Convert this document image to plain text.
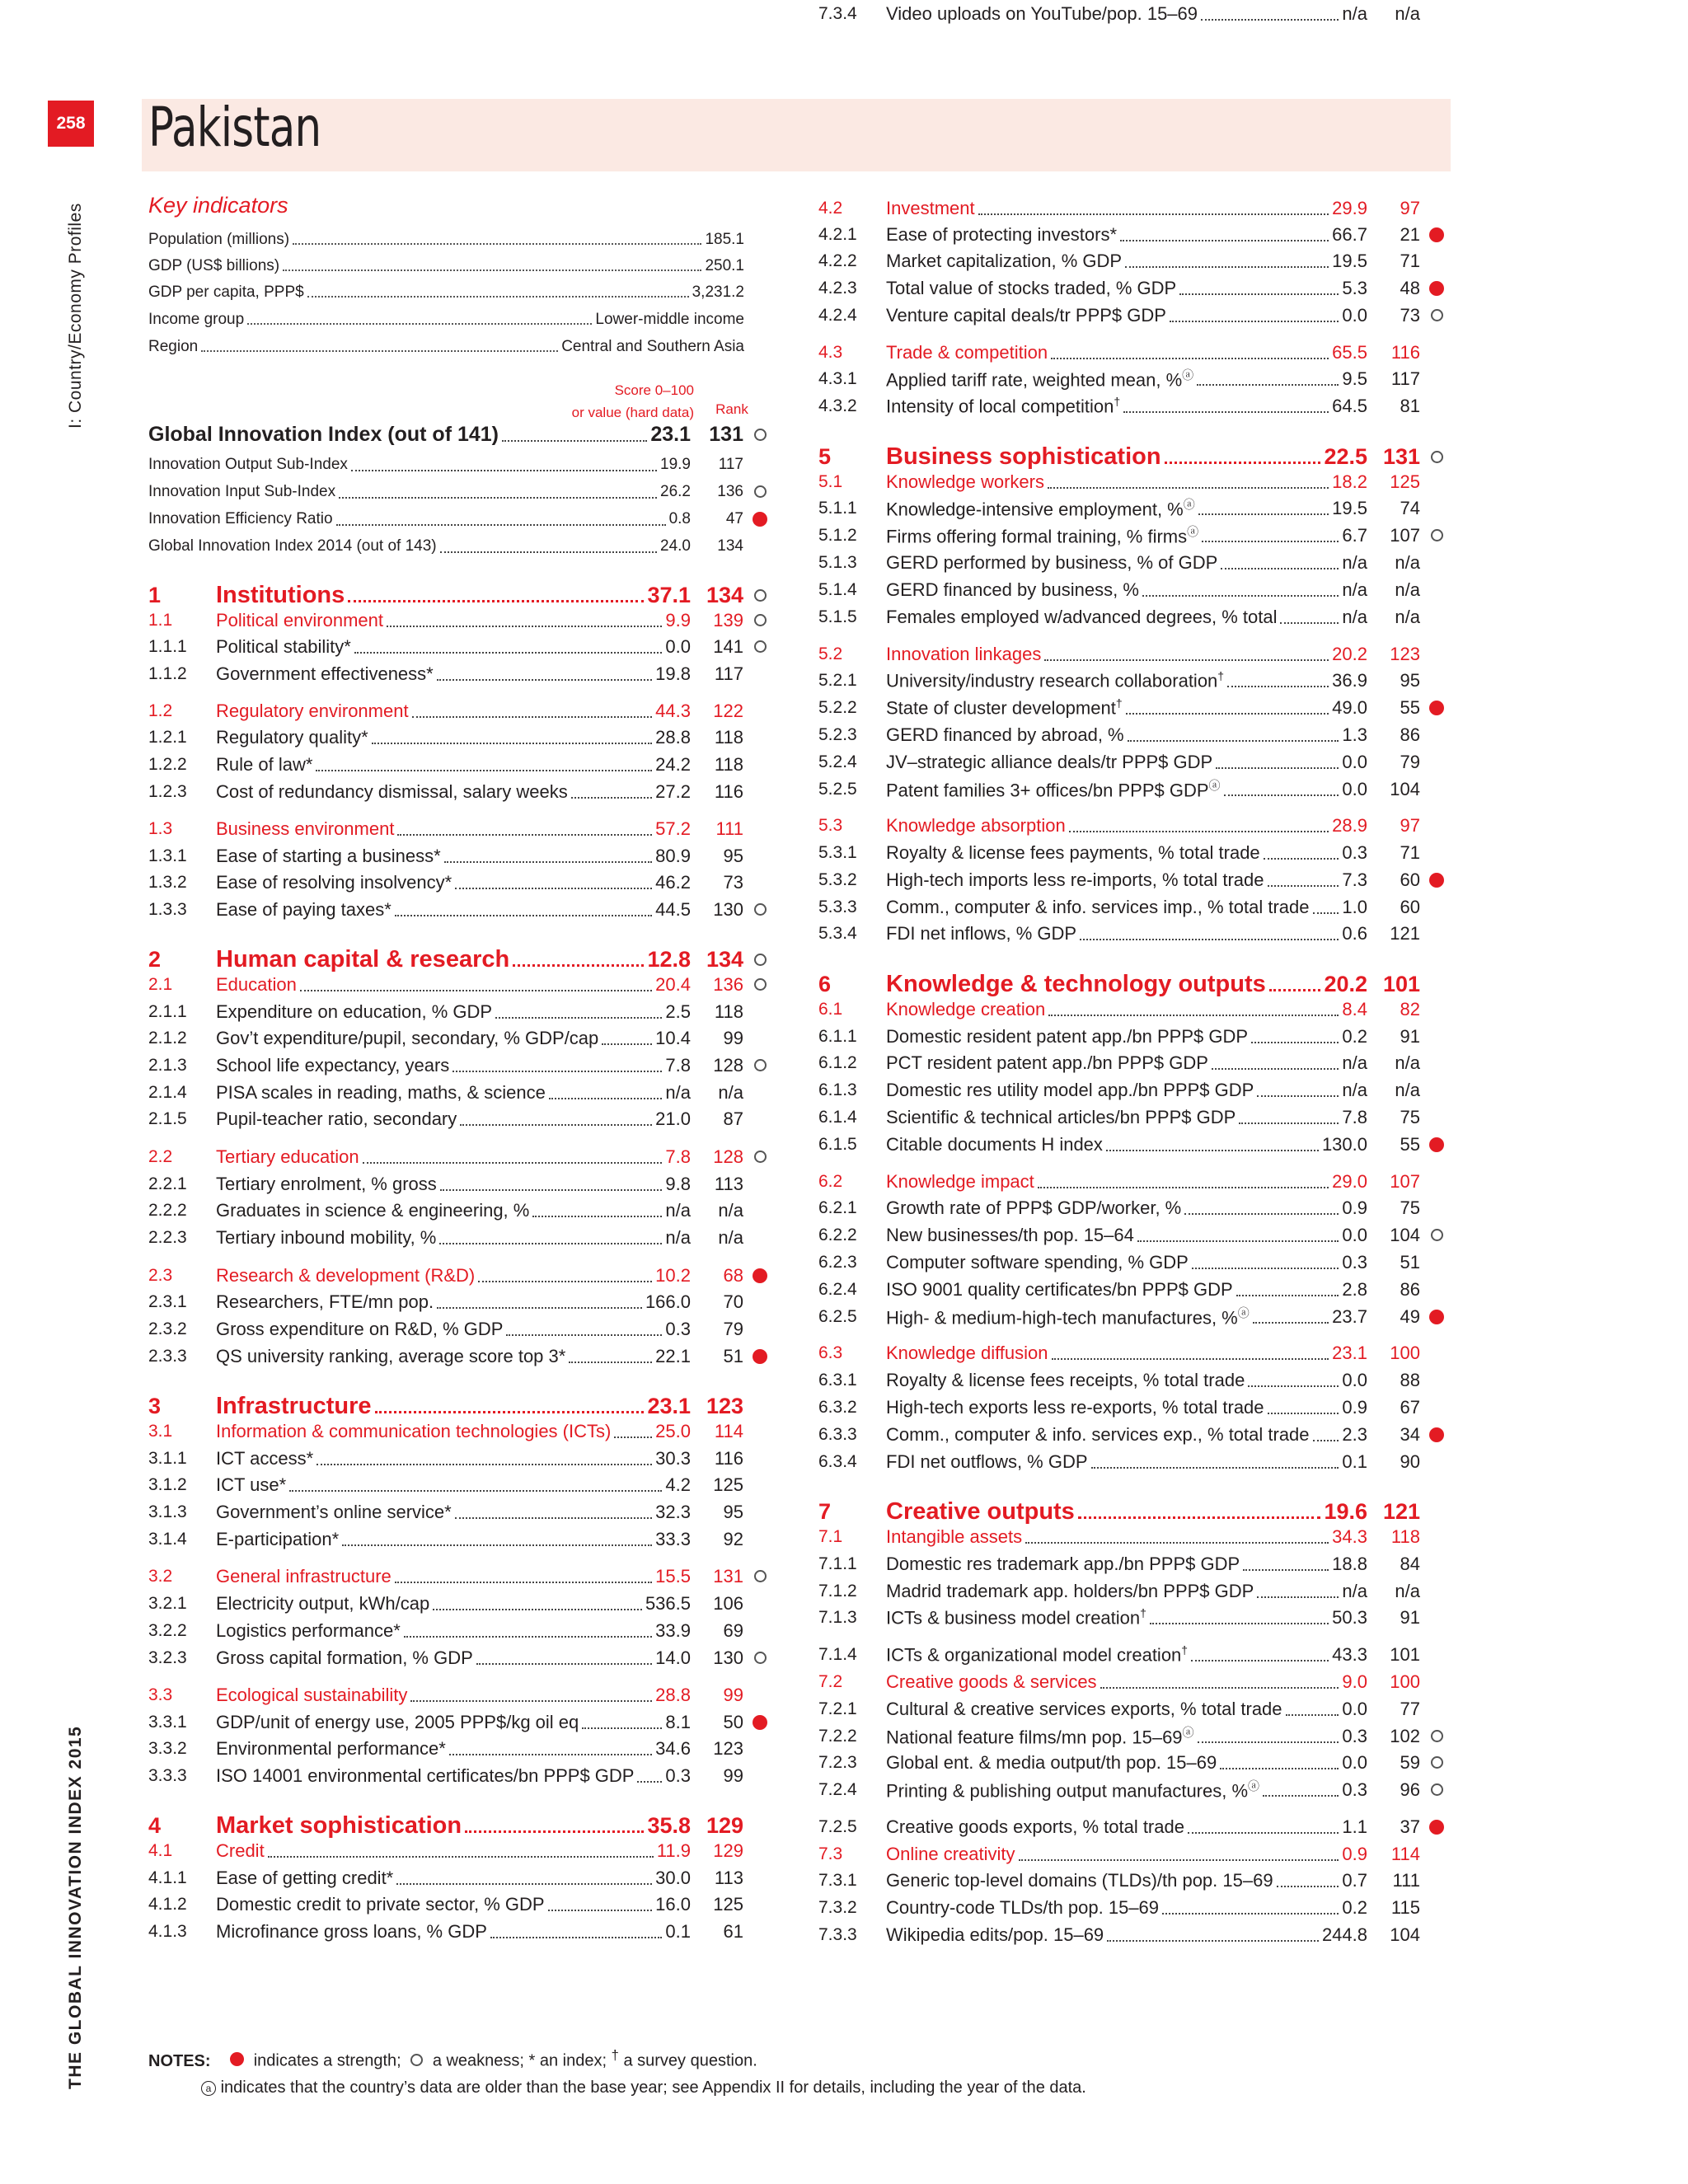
258 Pakistan
I: Country/Economy Profiles
THE GLOBAL INNOVATION INDEX 2015
Key indicators
Population (millions)	185.1
GDP (US$ billions)	250.1
GDP per capita, PPP$	3,231.2
Income group	Lower-middle income
Region	Central and Southern Asia
Score 0–100
or value (hard data)	Rank
Global Innovation Index (out of 141)	23.1 131
Innovation Output Sub-Index	19.9	117
Innovation Input Sub-Index	26.2	136
Innovation Efficiency Ratio	0.8	47
Global Innovation Index 2014 (out of 143)	24.0	134
1	Institutions	37.1 134
1.1	Political environment	9.9	139
1.1.1	Political stability*	0.0	141
1.1.2	Government effectiveness*	19.8	117
1.2	Regulatory environment	44.3	122
1.2.1	Regulatory quality*	28.8	118
1.2.2	Rule of law*	24.2	118
1.2.3	Cost of redundancy dismissal, salary weeks	27.2	116
1.3	Business environment	57.2	111
1.3.1	Ease of starting a business*	80.9	95
1.3.2	Ease of resolving insolvency*	46.2	73
1.3.3	Ease of paying taxes*	44.5	130
2	Human capital & research	12.8 134
2.1	Education	20.4	136
2.1.1	Expenditure on education, % GDP	2.5	118
2.1.2	Gov’t expenditure/pupil, secondary, % GDP/cap	10.4	99
2.1.3	School life expectancy, years	7.8	128
2.1.4	PISA scales in reading, maths, & science	n/a	n/a
2.1.5	Pupil-teacher ratio, secondary	21.0	87
2.2	Tertiary education	7.8	128
2.2.1	Tertiary enrolment, % gross	9.8	113
2.2.2	Graduates in science & engineering, %	n/a	n/a
2.2.3	Tertiary inbound mobility, %	n/a	n/a
2.3	Research & development (R&D)	10.2	68
2.3.1	Researchers, FTE/mn pop.	166.0	70
2.3.2	Gross expenditure on R&D, % GDP	0.3	79
2.3.3	QS university ranking, average score top 3*	22.1	51
3	Infrastructure	23.1 123
3.1	Information & communication technologies (ICTs) 25.0	114
3.1.1	ICT access*	30.3	116
3.1.2	ICT use*	4.2	125
3.1.3	Government’s online service*	32.3	95
3.1.4	E-participation*	33.3	92
3.2	General infrastructure	15.5	131
3.2.1	Electricity output, kWh/cap	536.5	106
3.2.2	Logistics performance*	33.9	69
3.2.3	Gross capital formation, % GDP	14.0	130
3.3	Ecological sustainability	28.8	99
3.3.1	GDP/unit of energy use, 2005 PPP$/kg oil eq	8.1	50
3.3.2	Environmental performance*	34.6	123
3.3.3	ISO 14001 environmental certificates/bn PPP$ GDP 0.3	99
4	Market sophistication	35.8 129
4.1	Credit	11.9	129
4.1.1	Ease of getting credit*	30.0	113
4.1.2	Domestic credit to private sector, % GDP	16.0	125
4.1.3	Microfinance gross loans, % GDP	0.1	61
4.2	Investment	29.9	97
4.2.1	Ease of protecting investors*	66.7	21
4.2.2	Market capitalization, % GDP	19.5	71
4.2.3	Total value of stocks traded, % GDP	5.3	48
4.2.4	Venture capital deals/tr PPP$ GDP	0.0	73
4.3	Trade & competition	65.5	116
4.3.1	Applied tariff rate, weighted mean, %ⓐ	9.5	117
4.3.2	Intensity of local competition†	64.5	81
5	Business sophistication	22.5 131
5.1	Knowledge workers	18.2	125
5.1.1	Knowledge-intensive employment, %ⓐ	19.5	74
5.1.2	Firms offering formal training, % firmsⓐ	6.7	107
5.1.3	GERD performed by business, % of GDP	n/a	n/a
5.1.4	GERD financed by business, %	n/a	n/a
5.1.5	Females employed w/advanced degrees, % total	n/a	n/a
5.2	Innovation linkages	20.2	123
5.2.1	University/industry research collaboration†	36.9	95
5.2.2	State of cluster development†	49.0	55
5.2.3	GERD financed by abroad, %	1.3	86
5.2.4	JV–strategic alliance deals/tr PPP$ GDP	0.0	79
5.2.5	Patent families 3+ offices/bn PPP$ GDPⓐ	0.0	104
5.3	Knowledge absorption	28.9	97
5.3.1	Royalty & license fees payments, % total trade	0.3	71
5.3.2	High-tech imports less re-imports, % total trade	7.3	60
5.3.3	Comm., computer & info. services imp., % total trade 1.0	60
5.3.4	FDI net inflows, % GDP	0.6	121
6	Knowledge & technology outputs	20.2 101
6.1	Knowledge creation	8.4	82
6.1.1	Domestic resident patent app./bn PPP$ GDP	0.2	91
6.1.2	PCT resident patent app./bn PPP$ GDP	n/a	n/a
6.1.3	Domestic res utility model app./bn PPP$ GDP	n/a	n/a
6.1.4	Scientific & technical articles/bn PPP$ GDP	7.8	75
6.1.5	Citable documents H index	130.0	55
6.2	Knowledge impact	29.0	107
6.2.1	Growth rate of PPP$ GDP/worker, %	0.9	75
6.2.2	New businesses/th pop. 15–64	0.0	104
6.2.3	Computer software spending, % GDP	0.3	51
6.2.4	ISO 9001 quality certificates/bn PPP$ GDP	2.8	86
6.2.5	High- & medium-high-tech manufactures, %ⓐ	23.7	49
6.3	Knowledge diffusion	23.1	100
6.3.1	Royalty & license fees receipts, % total trade	0.0	88
6.3.2	High-tech exports less re-exports, % total trade	0.9	67
6.3.3	Comm., computer & info. services exp., % total trade 2.3	34
6.3.4	FDI net outflows, % GDP	0.1	90
7	Creative outputs	19.6 121
7.1	Intangible assets	34.3	118
7.1.1	Domestic res trademark app./bn PPP$ GDP	18.8	84
7.1.2	Madrid trademark app. holders/bn PPP$ GDP	n/a	n/a
7.1.3	ICTs & business model creation†	50.3	91
7.1.4	ICTs & organizational model creation†	43.3	101
7.2	Creative goods & services	9.0	100
7.2.1	Cultural & creative services exports, % total trade	0.0	77
7.2.2	National feature films/mn pop. 15–69ⓐ	0.3	102
7.2.3	Global ent. & media output/th pop. 15–69	0.0	59
7.2.4	Printing & publishing output manufactures, %ⓐ	0.3	96
7.2.5	Creative goods exports, % total trade	1.1	37
7.3	Online creativity	0.9	114
7.3.1	Generic top-level domains (TLDs)/th pop. 15–69	0.7	111
7.3.2	Country-code TLDs/th pop. 15–69	0.2	115
7.3.3	Wikipedia edits/pop. 15–69	244.8	104
7.3.4	Video uploads on YouTube/pop. 15–69	n/a	n/a
NOTES:	indicates a strength; a weakness; * an index; † a survey question.
a indicates that the country’s data are older than the base year; see Appendix II for details, including the year of the data.
